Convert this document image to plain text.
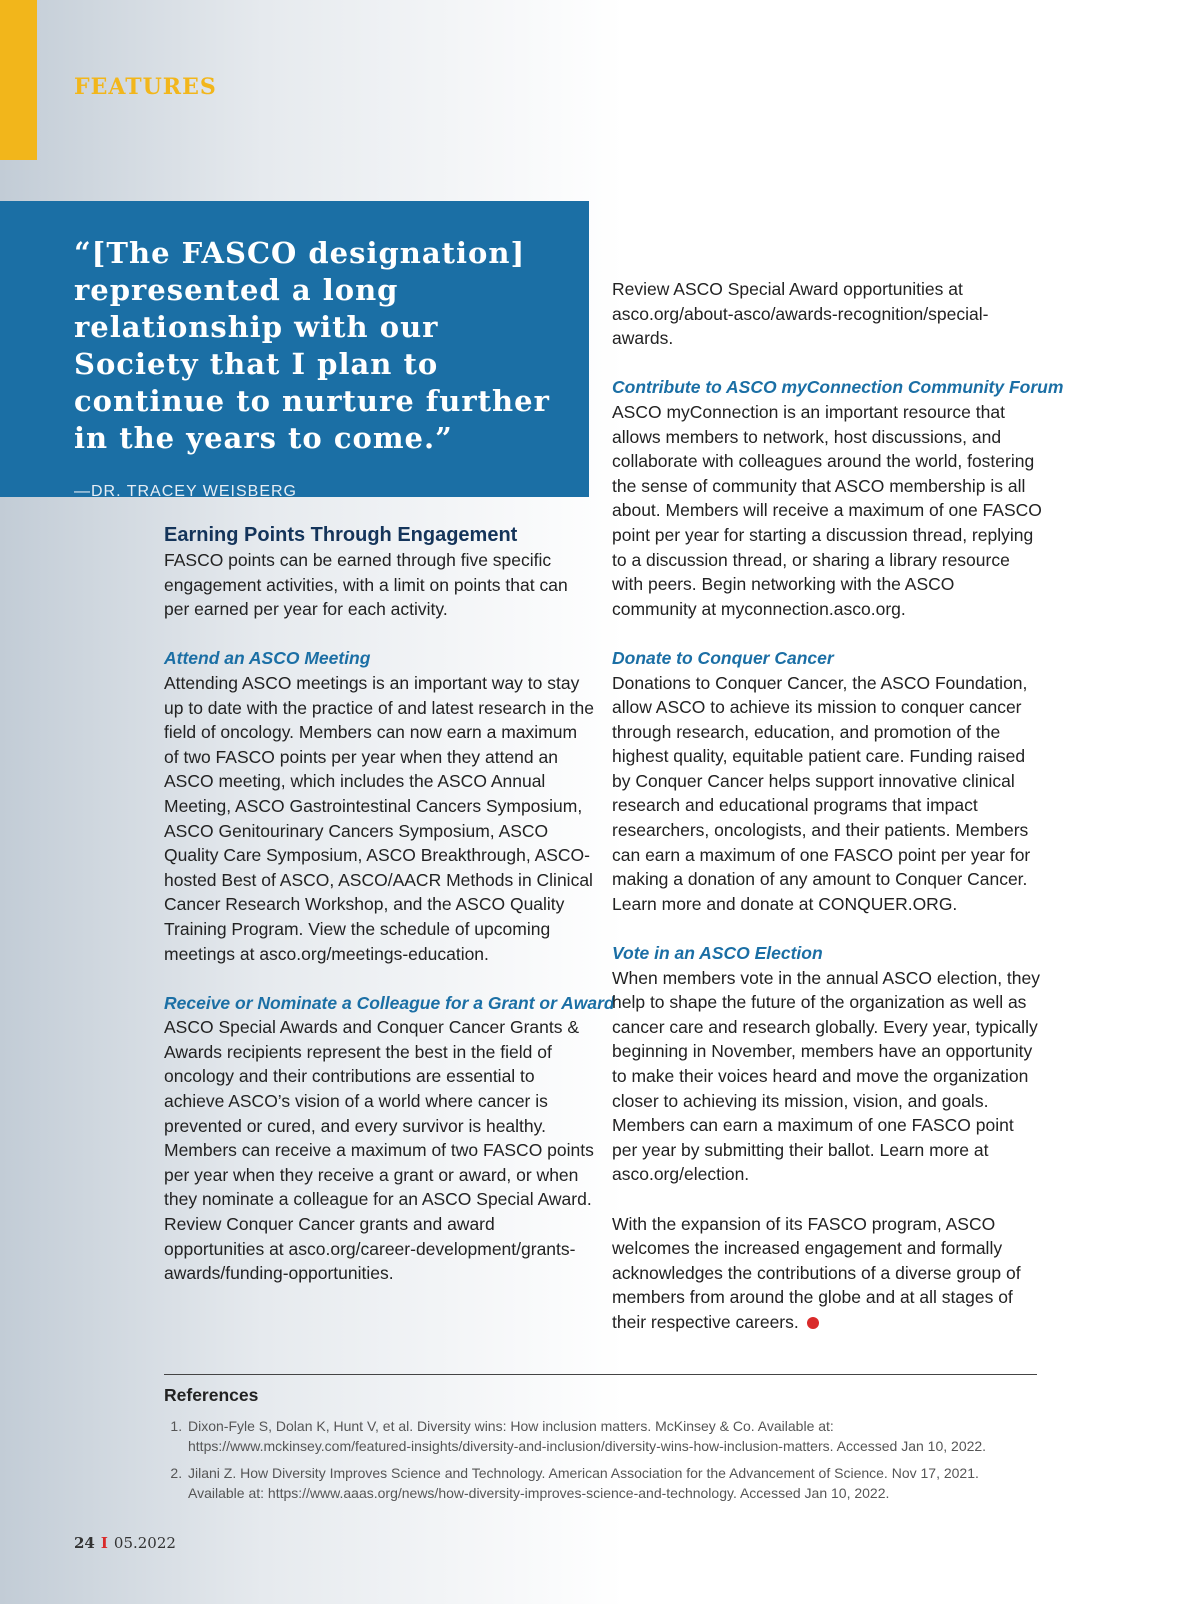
FEATURES

“[The FASCO designation] represented a long relationship with our Society that I plan to continue to nurture further in the years to come.”

—DR. TRACEY WEISBERG
Earning Points Through Engagement

FASCO points can be earned through five specific engagement activities, with a limit on points that can per earned per year for each activity.

Attend an ASCO Meeting

Attending ASCO meetings is an important way to stay up to date with the practice of and latest research in the field of oncology. Members can now earn a maximum of two FASCO points per year when they attend an ASCO meeting, which includes the ASCO Annual Meeting, ASCO Gastrointestinal Cancers Symposium, ASCO Genitourinary Cancers Symposium, ASCO Quality Care Symposium, ASCO Breakthrough, ASCO-hosted Best of ASCO, ASCO/AACR Methods in Clinical Cancer Research Workshop, and the ASCO Quality Training Program. View the schedule of upcoming meetings at asco.org/meetings-education.

Receive or Nominate a Colleague for a Grant or Award

ASCO Special Awards and Conquer Cancer Grants & Awards recipients represent the best in the field of oncology and their contributions are essential to achieve ASCO’s vision of a world where cancer is prevented or cured, and every survivor is healthy. Members can receive a maximum of two FASCO points per year when they receive a grant or award, or when they nominate a colleague for an ASCO Special Award. Review Conquer Cancer grants and award opportunities at asco.org/career-development/grants-awards/funding-opportunities.

Review ASCO Special Award opportunities at asco.org/about-asco/awards-recognition/special-awards.

Contribute to ASCO myConnection Community Forum

ASCO myConnection is an important resource that allows members to network, host discussions, and collaborate with colleagues around the world, fostering the sense of community that ASCO membership is all about. Members will receive a maximum of one FASCO point per year for starting a discussion thread, replying to a discussion thread, or sharing a library resource with peers. Begin networking with the ASCO community at myconnection.asco.org.

Donate to Conquer Cancer

Donations to Conquer Cancer, the ASCO Foundation, allow ASCO to achieve its mission to conquer cancer through research, education, and promotion of the highest quality, equitable patient care. Funding raised by Conquer Cancer helps support innovative clinical research and educational programs that impact researchers, oncologists, and their patients. Members can earn a maximum of one FASCO point per year for making a donation of any amount to Conquer Cancer. Learn more and donate at CONQUER.ORG.

Vote in an ASCO Election

When members vote in the annual ASCO election, they help to shape the future of the organization as well as cancer care and research globally. Every year, typically beginning in November, members have an opportunity to make their voices heard and move the organization closer to achieving its mission, vision, and goals. Members can earn a maximum of one FASCO point per year by submitting their ballot. Learn more at asco.org/election.

With the expansion of its FASCO program, ASCO welcomes the increased engagement and formally acknowledges the contributions of a diverse group of members from around the globe and at all stages of their respective careers.

References
1. Dixon-Fyle S, Dolan K, Hunt V, et al. Diversity wins: How inclusion matters. McKinsey & Co. Available at: https://www.mckinsey.com/featured-insights/diversity-and-inclusion/diversity-wins-how-inclusion-matters. Accessed Jan 10, 2022.
2. Jilani Z. How Diversity Improves Science and Technology. American Association for the Advancement of Science. Nov 17, 2021. Available at: https://www.aaas.org/news/how-diversity-improves-science-and-technology. Accessed Jan 10, 2022.
24 I 05.2022
